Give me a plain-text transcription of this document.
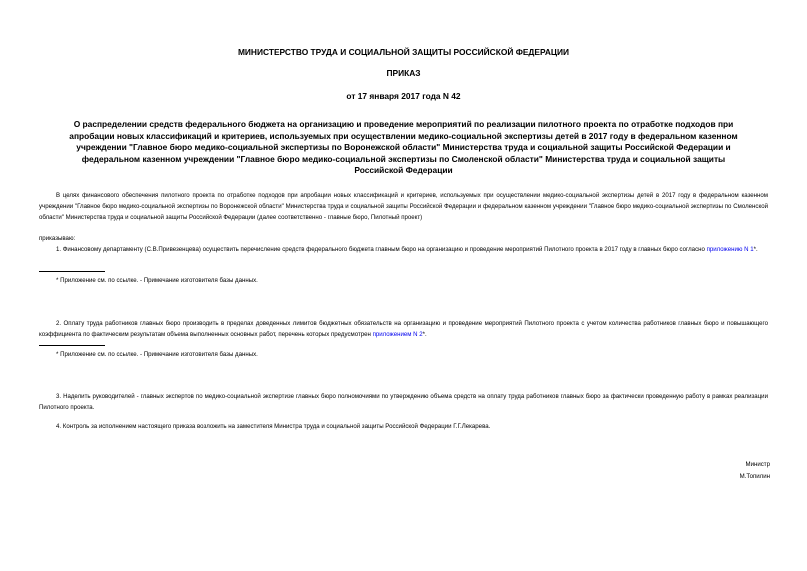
МИНИСТЕРСТВО ТРУДА И СОЦИАЛЬНОЙ ЗАЩИТЫ РОССИЙСКОЙ ФЕДЕРАЦИИ
ПРИКАЗ
от 17 января 2017 года N 42
О распределении средств федерального бюджета на организацию и проведение мероприятий по реализации пилотного проекта по отработке подходов при апробации новых классификаций и критериев, используемых при осуществлении медико-социальной экспертизы детей в 2017 году в федеральном казенном учреждении "Главное бюро медико-социальной экспертизы по Воронежской области" Министерства труда и социальной защиты Российской Федерации и федеральном казенном учреждении "Главное бюро медико-социальной экспертизы по Смоленской области" Министерства труда и социальной защиты Российской Федерации

В целях финансового обеспечения пилотного проекта по отработке подходов при апробации новых классификаций и критериев, используемых при осуществлении медико-социальной экспертизы детей в 2017 году в федеральном казенном учреждении "Главное бюро медико-социальной экспертизы по Воронежской области" Министерства труда и социальной защиты Российской Федерации и федеральном казенном учреждении "Главное бюро медико-социальной экспертизы по Смоленской области" Министерства труда и социальной защиты Российской Федерации (далее соответственно - главные бюро, Пилотный проект)

приказываю:

1. Финансовому департаменту (С.В.Привезенцева) осуществить перечисление средств федерального бюджета главным бюро на организацию и проведение мероприятий Пилотного проекта в 2017 году в главных бюро согласно приложению N 1*.

* Приложение см. по ссылке. - Примечание изготовителя базы данных.

2. Оплату труда работников главных бюро производить в пределах доведенных лимитов бюджетных обязательств на организацию и проведение мероприятий Пилотного проекта с учетом количества работников главных бюро и повышающего коэффициента по фактическим результатам объема выполненных основных работ, перечень которых предусмотрен приложением N 2*.

* Приложение см. по ссылке. - Примечание изготовителя базы данных.

3. Наделить руководителей - главных экспертов по медико-социальной экспертизе главных бюро полномочиями по утверждению объема средств на оплату труда работников главных бюро за фактически проведенную работу в рамках реализации Пилотного проекта.

4. Контроль за исполнением настоящего приказа возложить на заместителя Министра труда и социальной защиты Российской Федерации Г.Г.Лекарева.

Министр
М.Топилин
